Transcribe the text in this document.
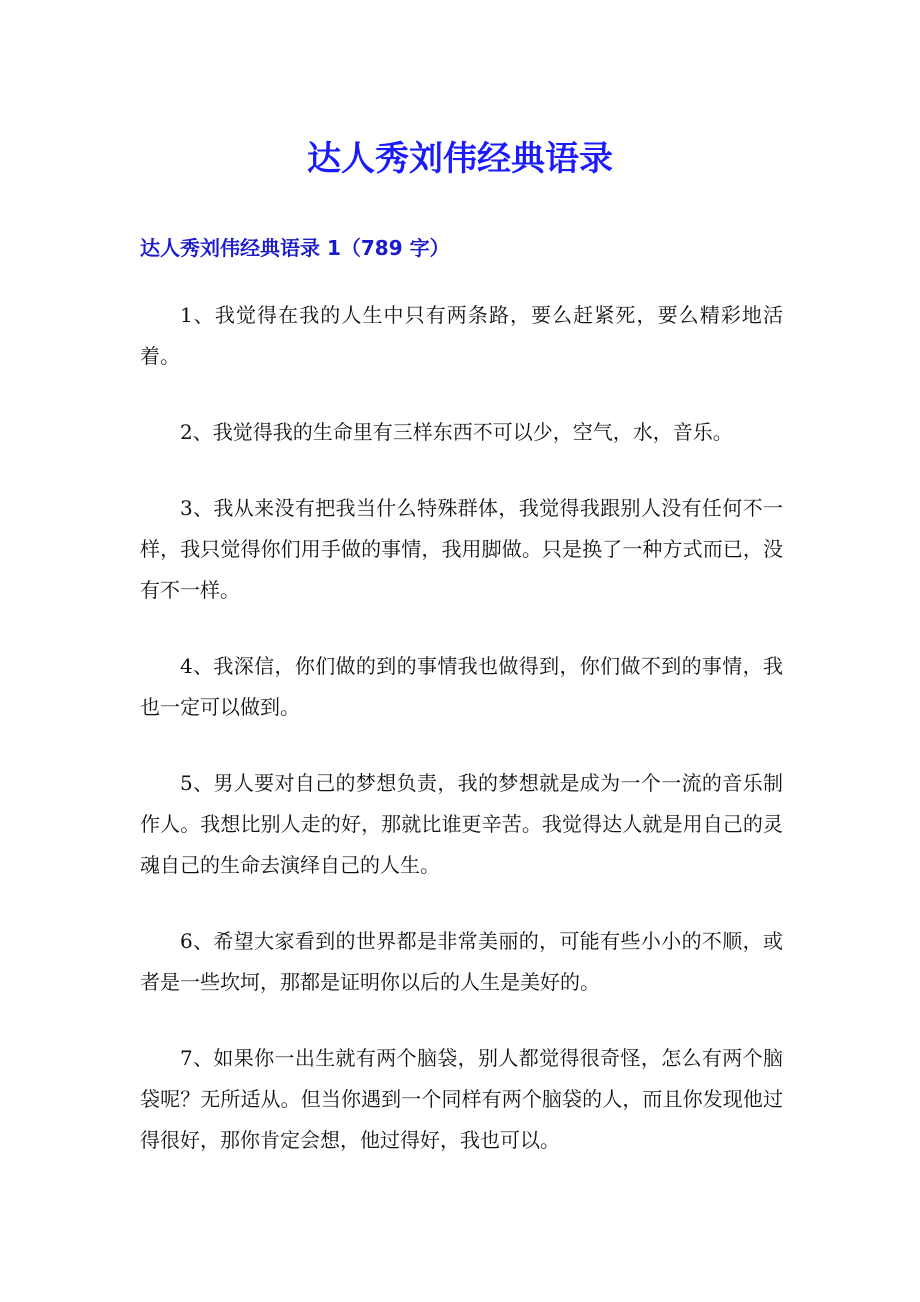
达人秀刘伟经典语录
达人秀刘伟经典语录 1（789 字）
1、我觉得在我的人生中只有两条路，要么赶紧死，要么精彩地活着。
2、我觉得我的生命里有三样东西不可以少，空气，水，音乐。
3、我从来没有把我当什么特殊群体，我觉得我跟别人没有任何不一样，我只觉得你们用手做的事情，我用脚做。只是换了一种方式而已，没有不一样。
4、我深信，你们做的到的事情我也做得到，你们做不到的事情，我也一定可以做到。
5、男人要对自己的梦想负责，我的梦想就是成为一个一流的音乐制作人。我想比别人走的好，那就比谁更辛苦。我觉得达人就是用自己的灵魂自己的生命去演绎自己的人生。
6、希望大家看到的世界都是非常美丽的，可能有些小小的不顺，或者是一些坎坷，那都是证明你以后的人生是美好的。
7、如果你一出生就有两个脑袋，别人都觉得很奇怪，怎么有两个脑袋呢？无所适从。但当你遇到一个同样有两个脑袋的人，而且你发现他过得很好，那你肯定会想，他过得好，我也可以。
